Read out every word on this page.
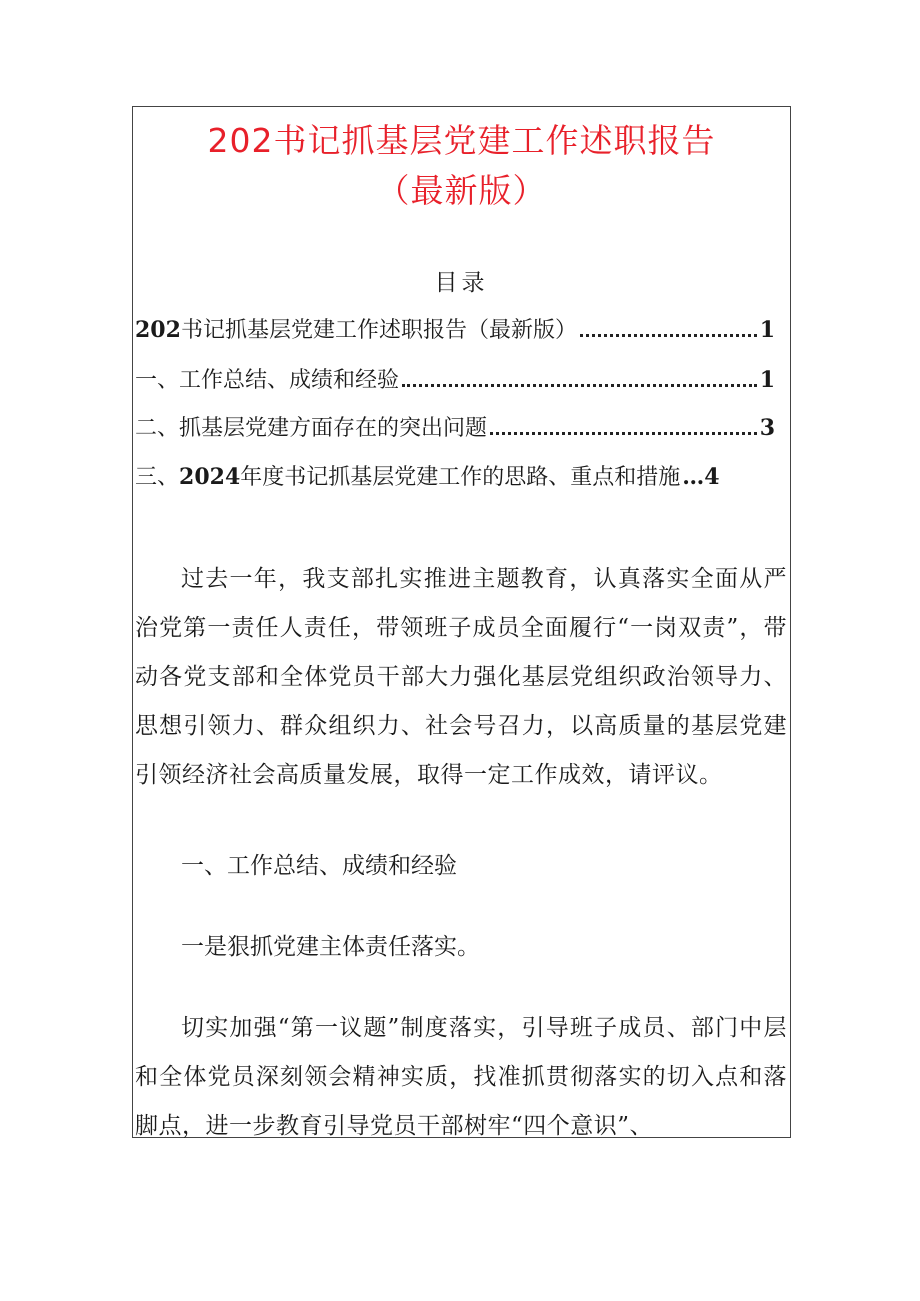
202书记抓基层党建工作述职报告
（最新版）
目录
202书记抓基层党建工作述职报告（最新版）	1
一、工作总结、成绩和经验	1
二、抓基层党建方面存在的突出问题	3
三、2024年度书记抓基层党建工作的思路、重点和措施 … 4
过去一年，我支部扎实推进主题教育，认真落实全面从严治党第一责任人责任，带领班子成员全面履行“一岗双责”，带动各党支部和全体党员干部大力强化基层党组织政治领导力、思想引领力、群众组织力、社会号召力，以高质量的基层党建引领经济社会高质量发展，取得一定工作成效，请评议。
一、工作总结、成绩和经验
一是狠抓党建主体责任落实。
切实加强“第一议题”制度落实，引导班子成员、部门中层和全体党员深刻领会精神实质，找准抓贯彻落实的切入点和落脚点，进一步教育引导党员干部树牢“四个意识”、
